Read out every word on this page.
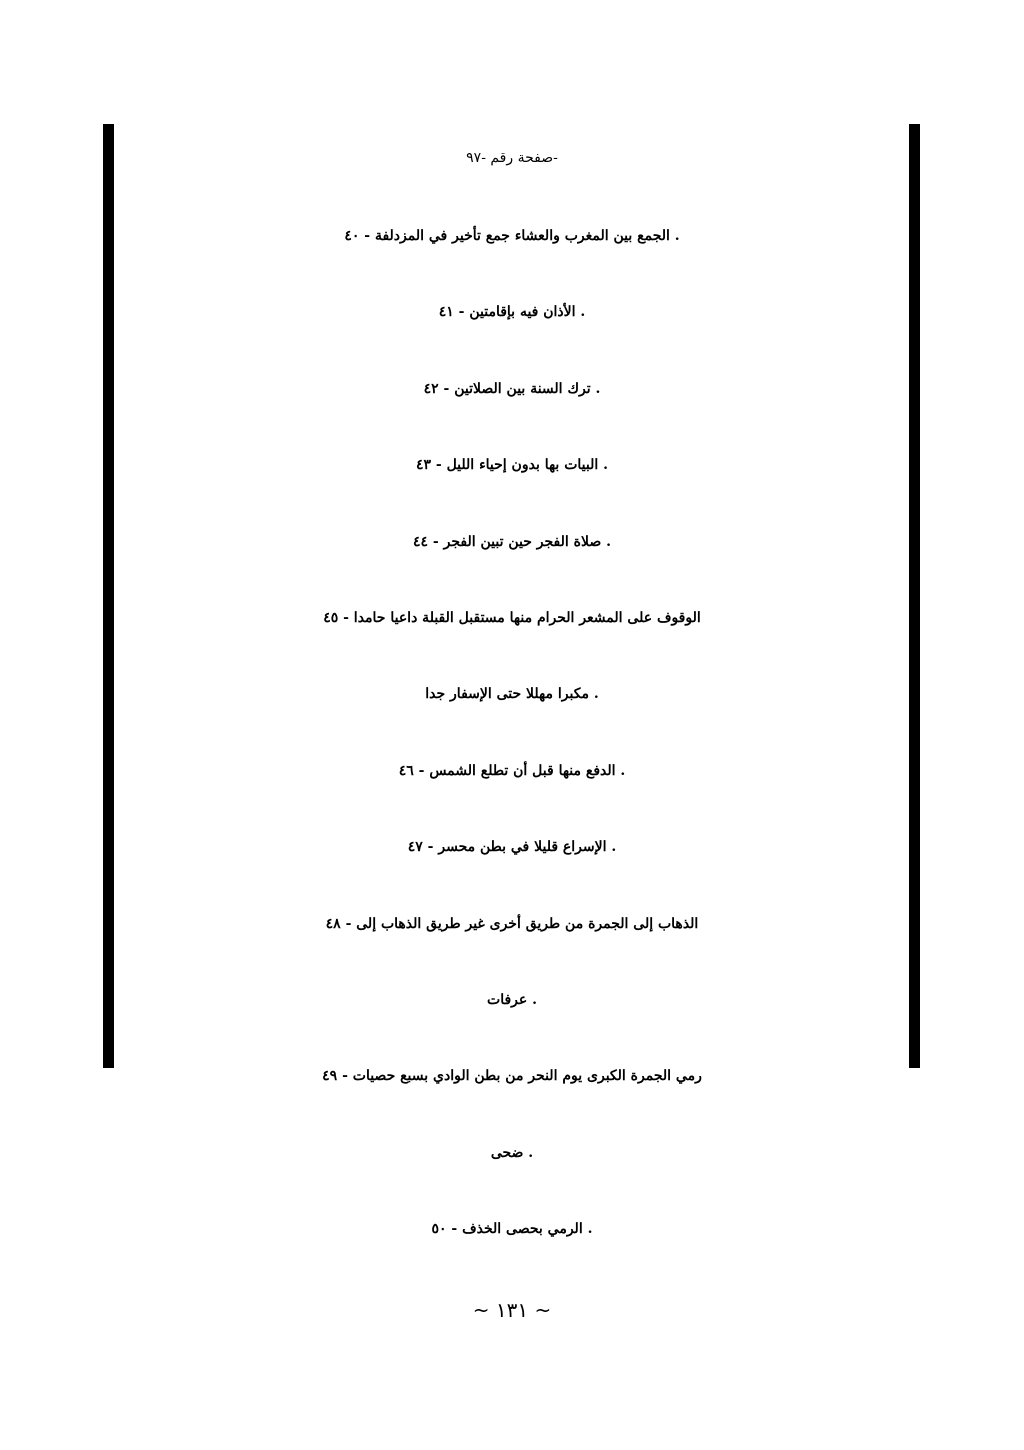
-صفحة رقم -٩٧
. الجمع بين المغرب والعشاء جمع تأخير في المزدلفة - ٤٠
. الأذان فيه بإقامتين - ٤١
. ترك السنة بين الصلاتين - ٤٢
. البيات بها بدون إحياء الليل - ٤٣
. صلاة الفجر حين تبين الفجر - ٤٤
الوقوف على المشعر الحرام منها مستقبل القبلة داعيا حامدا - ٤٥
. مكبرا مهللا حتى الإسفار جدا
. الدفع منها قبل أن تطلع الشمس - ٤٦
. الإسراع قليلا في بطن محسر - ٤٧
الذهاب إلى الجمرة من طريق أخرى غير طريق الذهاب إلى - ٤٨
. عرفات
رمي الجمرة الكبرى يوم النحر من بطن الوادي بسبع حصيات - ٤٩
. ضحى
. الرمي بحصى الخذف - ٥٠
~ ١٣١ ~
